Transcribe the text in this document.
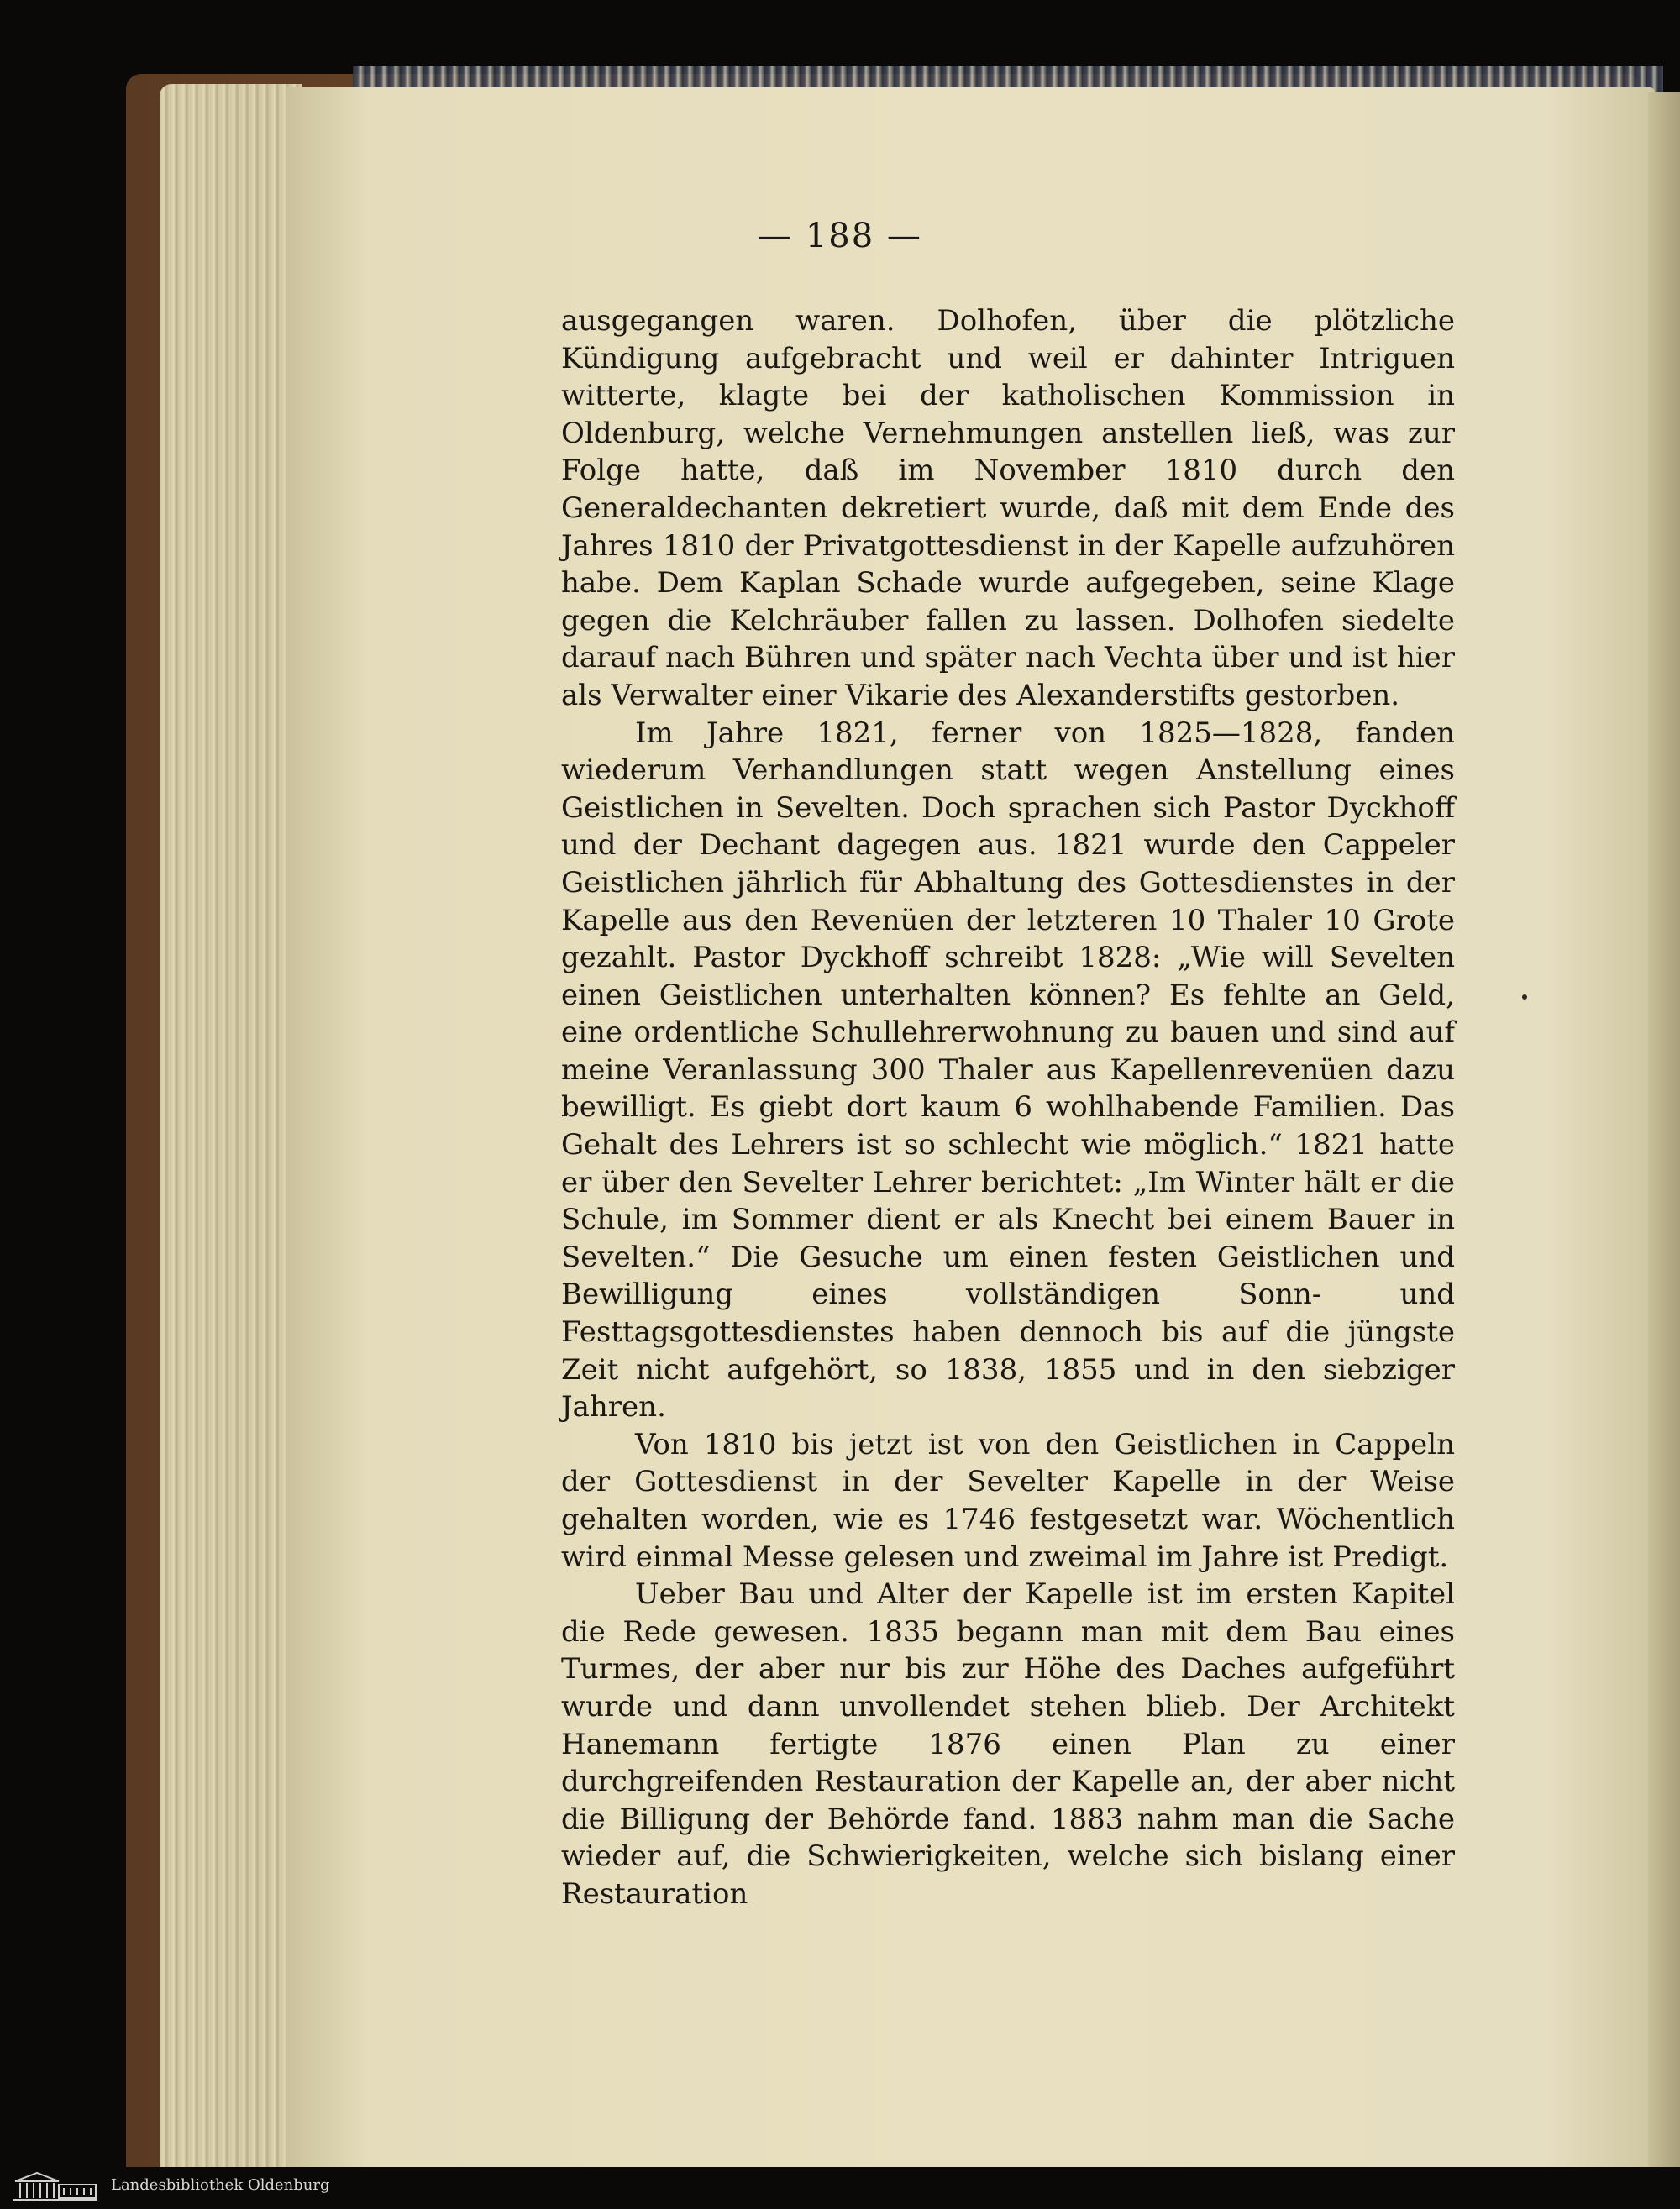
— 188 —

ausgegangen waren. Dolhofen, über die plötzliche Kündigung aufgebracht und weil er dahinter Intriguen witterte, klagte bei der katholischen Kommission in Oldenburg, welche Vernehmungen anstellen ließ, was zur Folge hatte, daß im November 1810 durch den Generaldechanten dekretiert wurde, daß mit dem Ende des Jahres 1810 der Privatgottesdienst in der Kapelle aufzuhören habe. Dem Kaplan Schade wurde aufgegeben, seine Klage gegen die Kelchräuber fallen zu lassen. Dolhofen siedelte darauf nach Bühren und später nach Vechta über und ist hier als Verwalter einer Vikarie des Alexanderstifts gestorben.

Im Jahre 1821, ferner von 1825—1828, fanden wiederum Verhandlungen statt wegen Anstellung eines Geistlichen in Sevelten. Doch sprachen sich Pastor Dyckhoff und der Dechant dagegen aus. 1821 wurde den Cappeler Geistlichen jährlich für Abhaltung des Gottesdienstes in der Kapelle aus den Revenüen der letzteren 10 Thaler 10 Grote gezahlt. Pastor Dyckhoff schreibt 1828: „Wie will Sevelten einen Geistlichen unterhalten können? Es fehlte an Geld, eine ordentliche Schullehrerwohnung zu bauen und sind auf meine Veranlassung 300 Thaler aus Kapellenrevenüen dazu bewilligt. Es giebt dort kaum 6 wohlhabende Familien. Das Gehalt des Lehrers ist so schlecht wie möglich.“ 1821 hatte er über den Sevelter Lehrer berichtet: „Im Winter hält er die Schule, im Sommer dient er als Knecht bei einem Bauer in Sevelten.“ Die Gesuche um einen festen Geistlichen und Bewilligung eines vollständigen Sonn- und Festtagsgottesdienstes haben dennoch bis auf die jüngste Zeit nicht aufgehört, so 1838, 1855 und in den siebziger Jahren.

Von 1810 bis jetzt ist von den Geistlichen in Cappeln der Gottesdienst in der Sevelter Kapelle in der Weise gehalten worden, wie es 1746 festgesetzt war. Wöchentlich wird einmal Messe gelesen und zweimal im Jahre ist Predigt.

Ueber Bau und Alter der Kapelle ist im ersten Kapitel die Rede gewesen. 1835 begann man mit dem Bau eines Turmes, der aber nur bis zur Höhe des Daches aufgeführt wurde und dann unvollendet stehen blieb. Der Architekt Hanemann fertigte 1876 einen Plan zu einer durchgreifenden Restauration der Kapelle an, der aber nicht die Billigung der Behörde fand. 1883 nahm man die Sache wieder auf, die Schwierigkeiten, welche sich bislang einer Restauration

Landesbibliothek Oldenburg
